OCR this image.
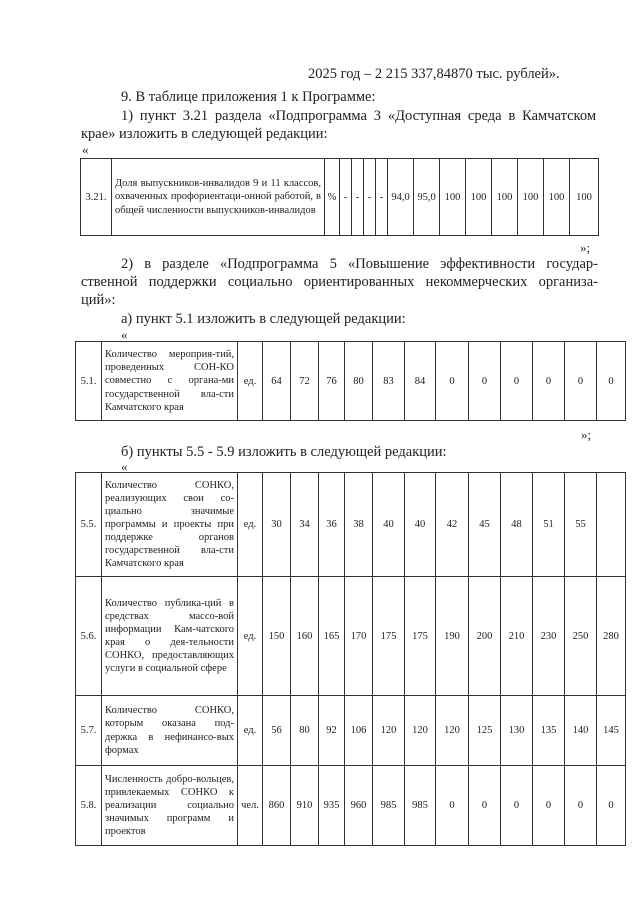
2025 год – 2 215 337,84870 тыс. рублей».
9. В таблице приложения 1 к Программе:
1) пункт 3.21 раздела «Подпрограмма 3 «Доступная среда в Камчатском
крае» изложить в следующей редакции:
«
3.21.	Доля выпускников-инвалидов 9 и 11 классов, охваченных профориентаци-онной работой, в общей численности выпускников-инвалидов	%	-	-	-	-	94,0	95,0	100	100	100	100	100	100
»;
2) в разделе «Подпрограмма 5 «Повышение эффективности государ-
ственной поддержки социально ориентированных некоммерческих организа-
ций»:
а) пункт 5.1 изложить в следующей редакции:
«
5.1.	Количество мероприя-тий, проведенных СОН-КО совместно с органа-ми государственной вла-сти Камчатского края	ед.	64	72	76	80	83	84	0	0	0	0	0	0
»;
б) пункты 5.5 - 5.9 изложить в следующей редакции:
«
5.5.	Количество СОНКО, реализующих свои со-циально значимые программы и проекты при поддержке органов государственной вла-сти Камчатского края	ед.	30	34	36	38	40	40	42	45	48	51	55	
5.6.	Количество публика-ций в средствах массо-вой информации Кам-чатского края о дея-тельности СОНКО, предоставляющих услуги в социальной сфере	ед.	150	160	165	170	175	175	190	200	210	230	250	280
5.7.	Количество СОНКО, которым оказана под-держка в нефинансо-вых формах	ед.	56	80	92	106	120	120	120	125	130	135	140	145
5.8.	Численность добро-вольцев, привлекаемых СОНКО к реализации социально значимых программ и проектов	чел.	860	910	935	960	985	985	0	0	0	0	0	0
